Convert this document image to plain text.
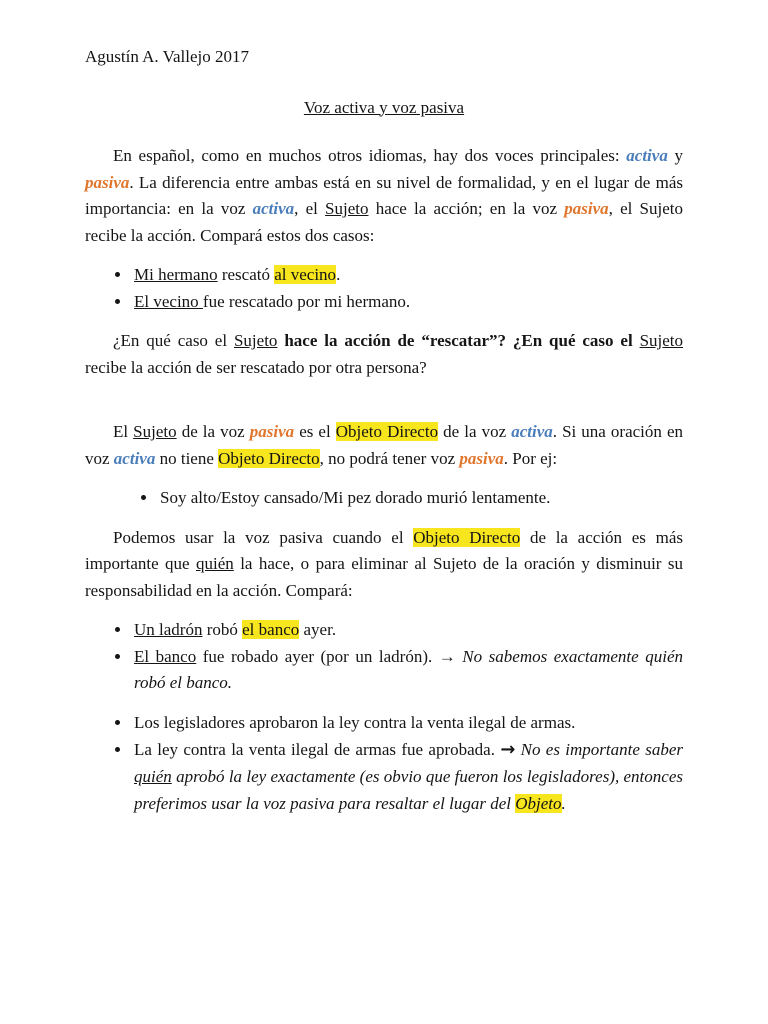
Agustín A. Vallejo 2017

Voz activa y voz pasiva

En español, como en muchos otros idiomas, hay dos voces principales: activa y pasiva. La diferencia entre ambas está en su nivel de formalidad, y en el lugar de más importancia: en la voz activa, el Sujeto hace la acción; en la voz pasiva, el Sujeto recibe la acción. Compará estos dos casos:

• Mi hermano rescató al vecino.
• El vecino fue rescatado por mi hermano.

¿En qué caso el Sujeto hace la acción de “rescatar”? ¿En qué caso el Sujeto recibe la acción de ser rescatado por otra persona?

El Sujeto de la voz pasiva es el Objeto Directo de la voz activa. Si una oración en voz activa no tiene Objeto Directo, no podrá tener voz pasiva. Por ej:

• Soy alto/Estoy cansado/Mi pez dorado murió lentamente.

Podemos usar la voz pasiva cuando el Objeto Directo de la acción es más importante que quién la hace, o para eliminar al Sujeto de la oración y disminuir su responsabilidad en la acción. Compará:

• Un ladrón robó el banco ayer.
• El banco fue robado ayer (por un ladrón). → No sabemos exactamente quién robó el banco.
• Los legisladores aprobaron la ley contra la venta ilegal de armas.
• La ley contra la venta ilegal de armas fue aprobada. → No es importante saber quién aprobó la ley exactamente (es obvio que fueron los legisladores), entonces preferimos usar la voz pasiva para resaltar el lugar del Objeto.
